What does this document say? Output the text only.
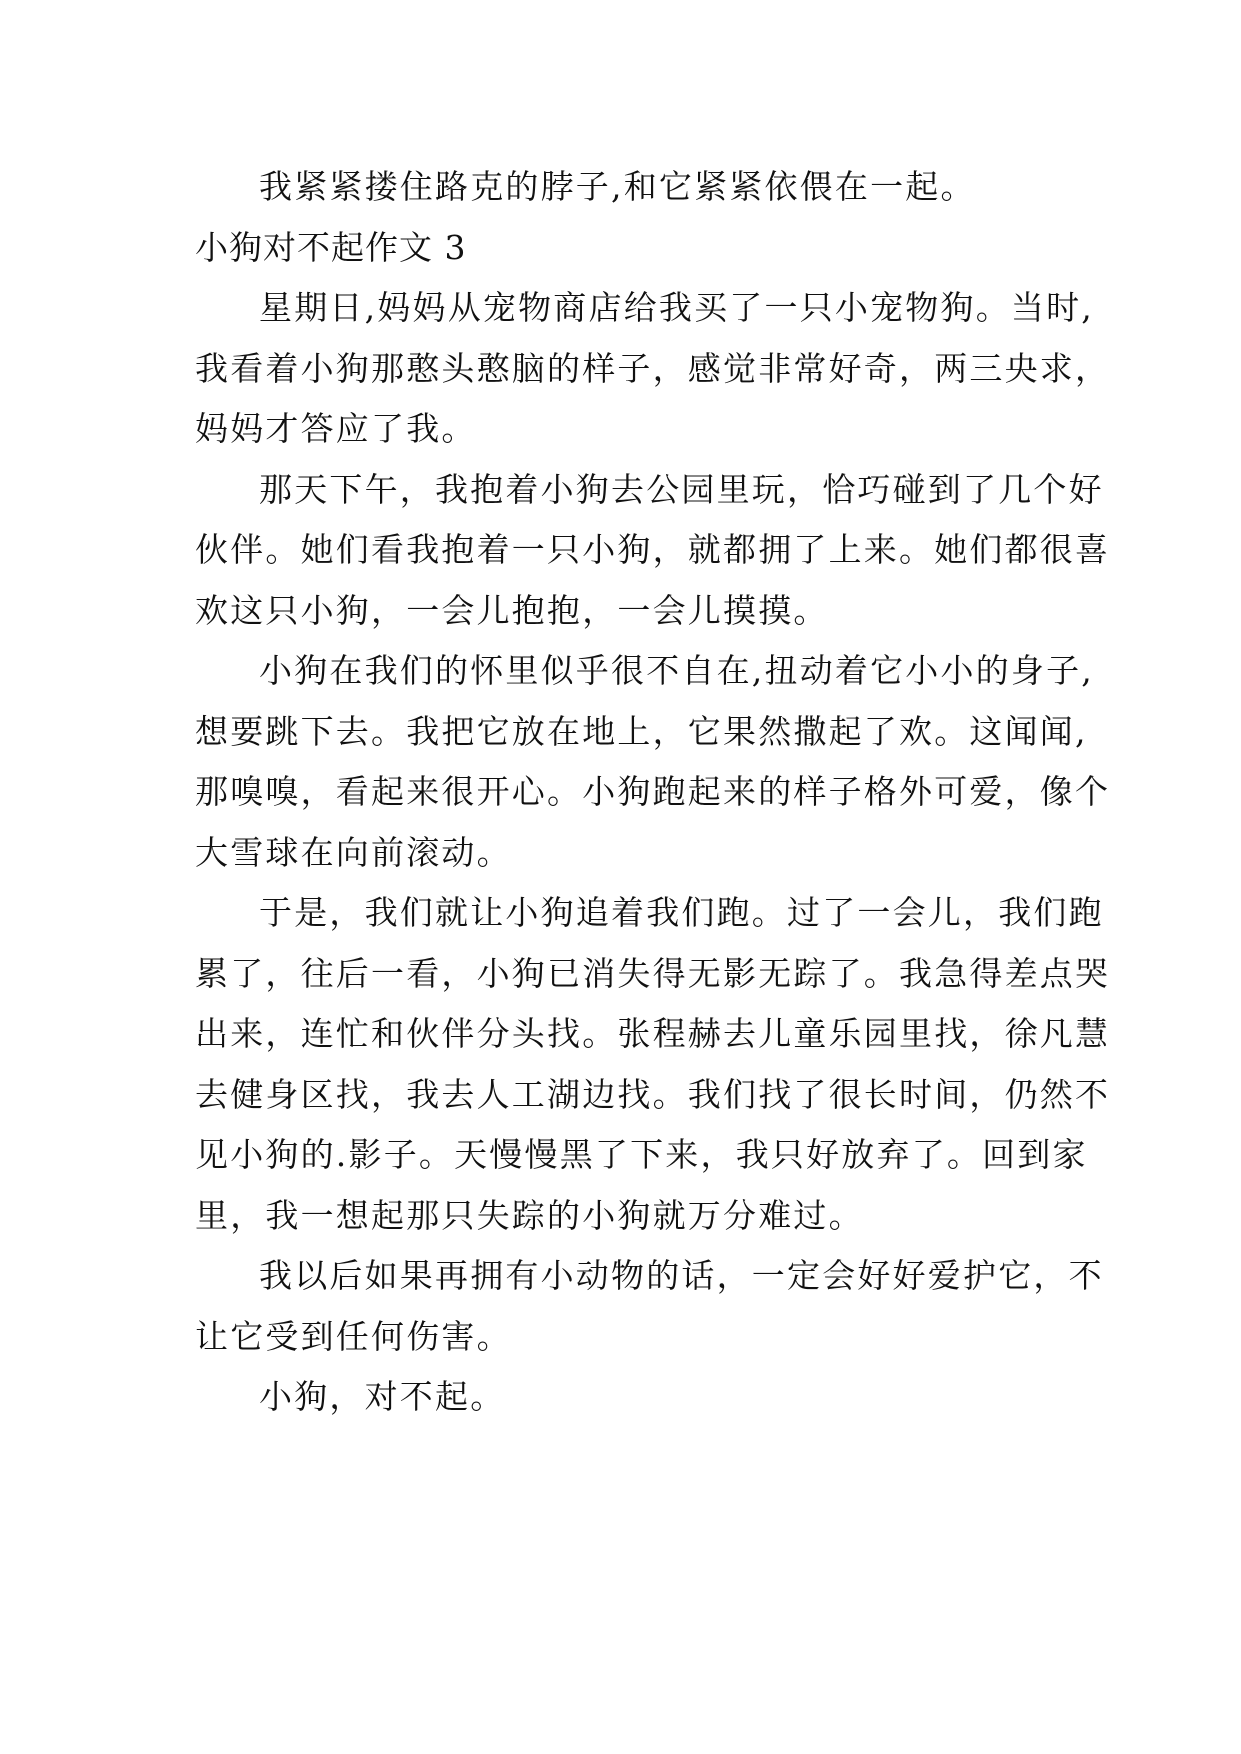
我紧紧搂住路克的脖子,和它紧紧依偎在一起。
小狗对不起作文 3
星期日,妈妈从宠物商店给我买了一只小宠物狗。当时,
我看着小狗那憨头憨脑的样子，感觉非常好奇，两三央求，
妈妈才答应了我。
那天下午，我抱着小狗去公园里玩，恰巧碰到了几个好
伙伴。她们看我抱着一只小狗，就都拥了上来。她们都很喜
欢这只小狗，一会儿抱抱，一会儿摸摸。
小狗在我们的怀里似乎很不自在,扭动着它小小的身子,
想要跳下去。我把它放在地上，它果然撒起了欢。这闻闻,
那嗅嗅，看起来很开心。小狗跑起来的样子格外可爱，像个
大雪球在向前滚动。
于是，我们就让小狗追着我们跑。过了一会儿，我们跑
累了，往后一看，小狗已消失得无影无踪了。我急得差点哭
出来，连忙和伙伴分头找。张程赫去儿童乐园里找，徐凡慧
去健身区找，我去人工湖边找。我们找了很长时间，仍然不
见小狗的.影子。天慢慢黑了下来，我只好放弃了。回到家
里，我一想起那只失踪的小狗就万分难过。
我以后如果再拥有小动物的话，一定会好好爱护它，不
让它受到任何伤害。
小狗，对不起。
